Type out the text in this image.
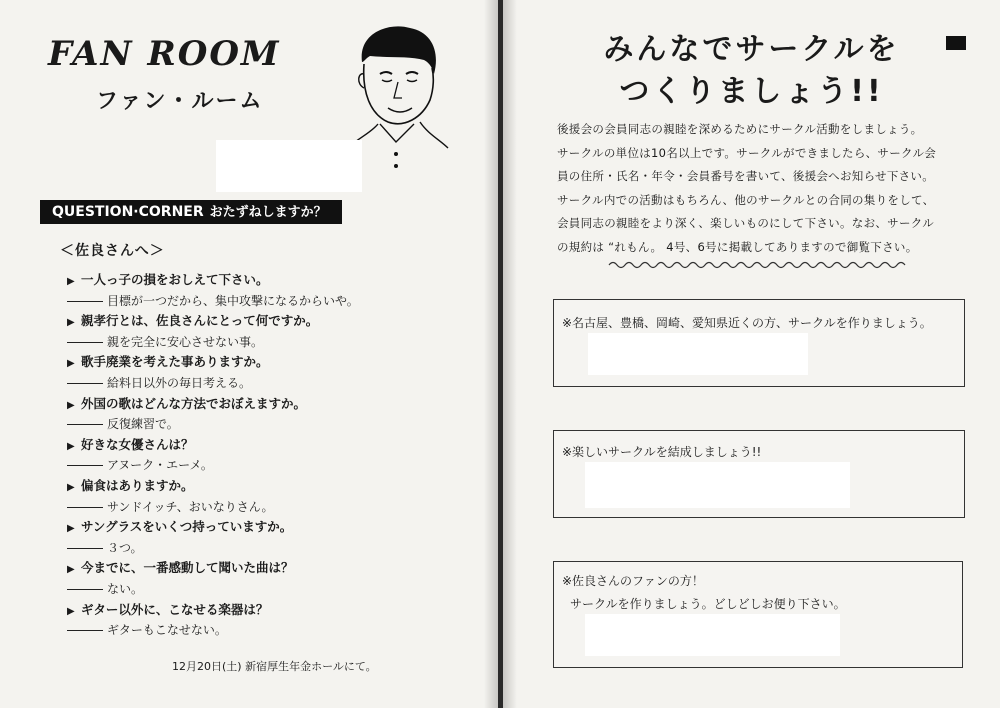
FAN ROOM
ファン・ルーム
QUESTION·CORNER おたずねしますか？
＜佐良さんへ＞
▶ 一人っ子の損をおしえて下さい。
目標が一つだから、集中攻撃になるからいや。
▶ 親孝行とは、佐良さんにとって何ですか。
親を完全に安心させない事。
▶ 歌手廃業を考えた事ありますか。
給料日以外の毎日考える。
▶ 外国の歌はどんな方法でおぼえますか。
反復練習で。
▶ 好きな女優さんは？
アヌーク・エーメ。
▶ 偏食はありますか。
サンドイッチ、おいなりさん。
▶ サングラスをいくつ持っていますか。
３つ。
▶ 今までに、一番感動して聞いた曲は？
ない。
▶ ギター以外に、こなせる楽器は？
ギターもこなせない。
12月20日(土) 新宿厚生年金ホールにて。
みんなでサークルを
つくりましょう!!
後援会の会員同志の親睦を深めるためにサークル活動をしましょう。
サークルの単位は10名以上です。サークルができましたら、サークル会
員の住所・氏名・年令・会員番号を書いて、後援会へお知らせ下さい。
サークル内での活動はもちろん、他のサークルとの合同の集りをして、
会員同志の親睦をより深く、楽しいものにして下さい。なお、サークル
の規約は “れもん。 4号、6号に掲載してありますので御覧下さい。
※名古屋、豊橋、岡崎、愛知県近くの方、サークルを作りましょう。
※楽しいサークルを結成しましょう!!
※佐良さんのファンの方！
サークルを作りましょう。どしどしお便り下さい。
